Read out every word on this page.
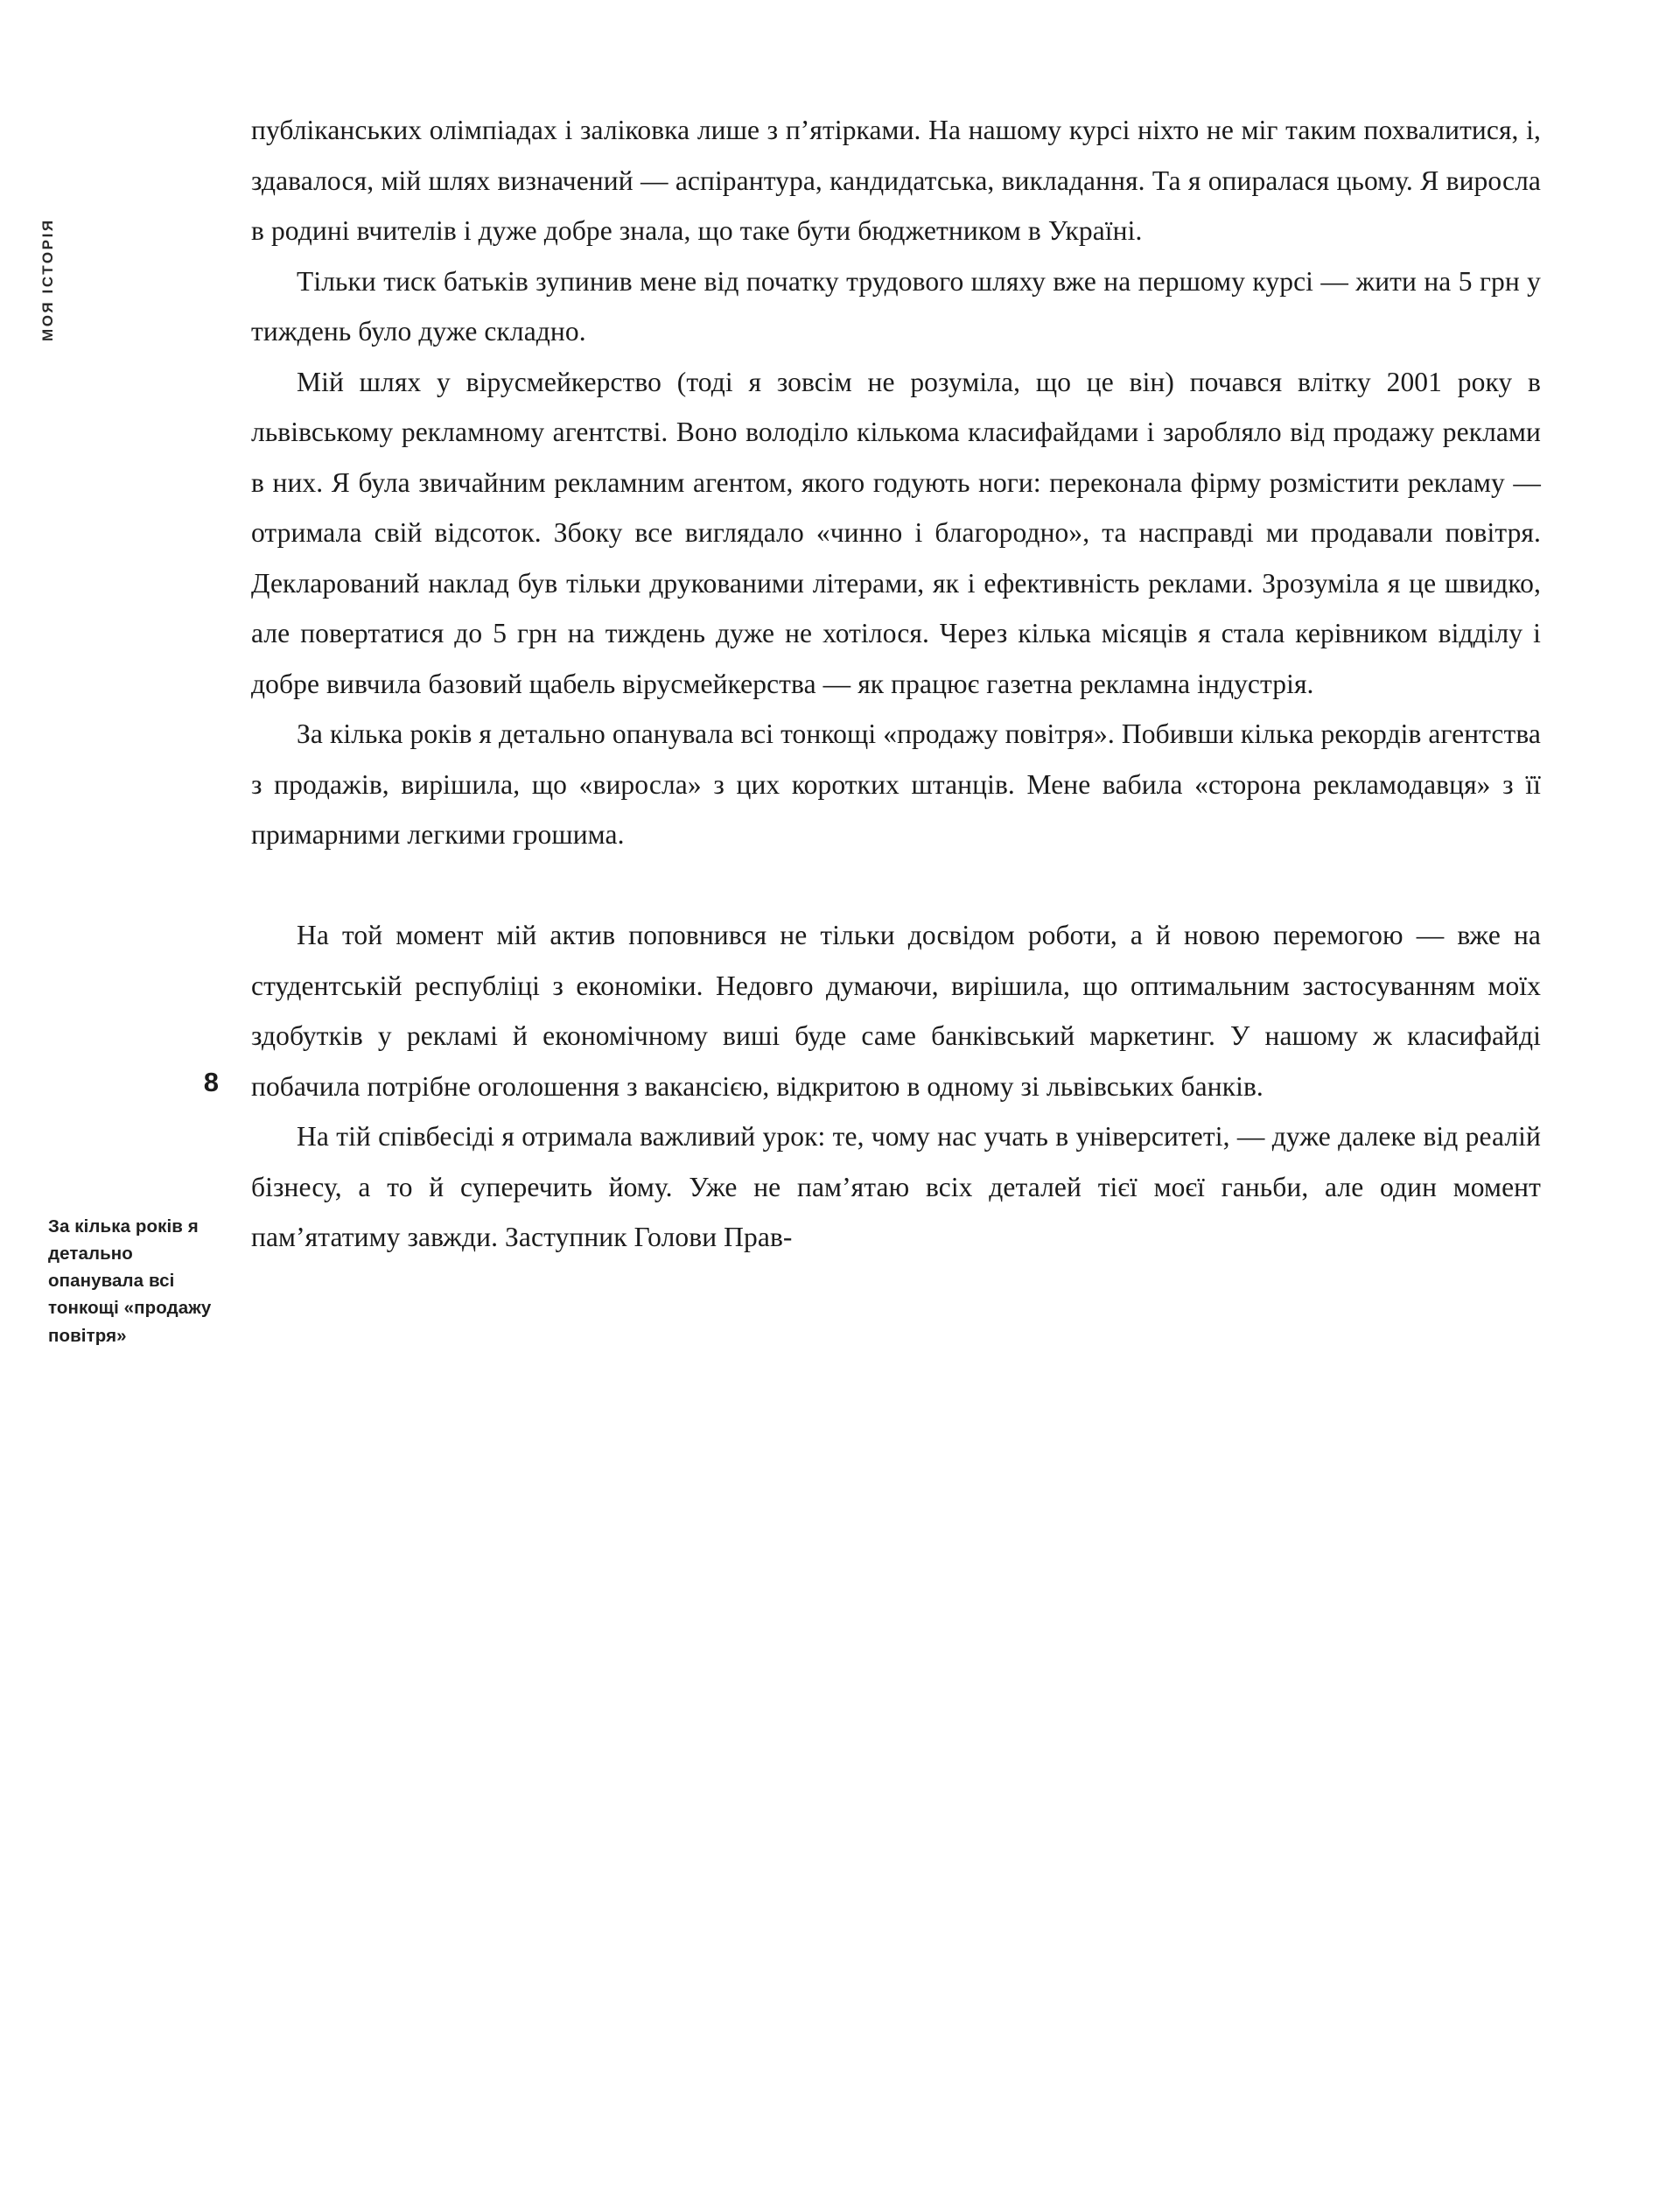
МОЯ ІСТОРІЯ
8
За кілька років я детально опанувала всі тонкощі «продажу повітря»

публіканських олімпіадах і заліковка лише з п’ятірками. На нашому курсі ніхто не міг таким похвалитися, і, здавалося, мій шлях визначений — аспірантура, кандидатська, викладання. Та я опиралася цьому. Я виросла в родині вчителів і дуже добре знала, що таке бути бюджетником в Україні.

Тільки тиск батьків зупинив мене від початку трудового шляху вже на першому курсі — жити на 5 грн у тиждень було дуже складно.

Мій шлях у вірусмейкерство (тоді я зовсім не розуміла, що це він) почався влітку 2001 року в львівському рекламному агентстві. Воно володіло кількома класифайдами і заробляло від продажу реклами в них. Я була звичайним рекламним агентом, якого годують ноги: переконала фірму розмістити рекламу — отримала свій відсоток. Збоку все виглядало «чинно і благородно», та насправді ми продавали повітря. Декларований наклад був тільки друкованими літерами, як і ефективність реклами. Зрозуміла я це швидко, але повертатися до 5 грн на тиждень дуже не хотілося. Через кілька місяців я стала керівником відділу і добре вивчила базовий щабель вірусмейкерства — як працює газетна рекламна індустрія.

За кілька років я детально опанувала всі тонкощі «продажу повітря». Побивши кілька рекордів агентства з продажів, вирішила, що «виросла» з цих коротких штанців. Мене вабила «сторона рекламодавця» з її примарними легкими грошима.

На той момент мій актив поповнився не тільки досвідом роботи, а й новою перемогою — вже на студентській республіці з економіки. Недовго думаючи, вирішила, що оптимальним застосуванням моїх здобутків у рекламі й економічному виші буде саме банківський маркетинг. У нашому ж класифайді побачила потрібне оголошення з вакансією, відкритою в одному зі львівських банків.

На тій співбесіді я отримала важливий урок: те, чому нас учать в університеті, — дуже далеке від реалій бізнесу, а то й суперечить йому. Уже не пам’ятаю всіх деталей тієї моєї ганьби, але один момент пам’ятатиму завжди. Заступник Голови Прав-
